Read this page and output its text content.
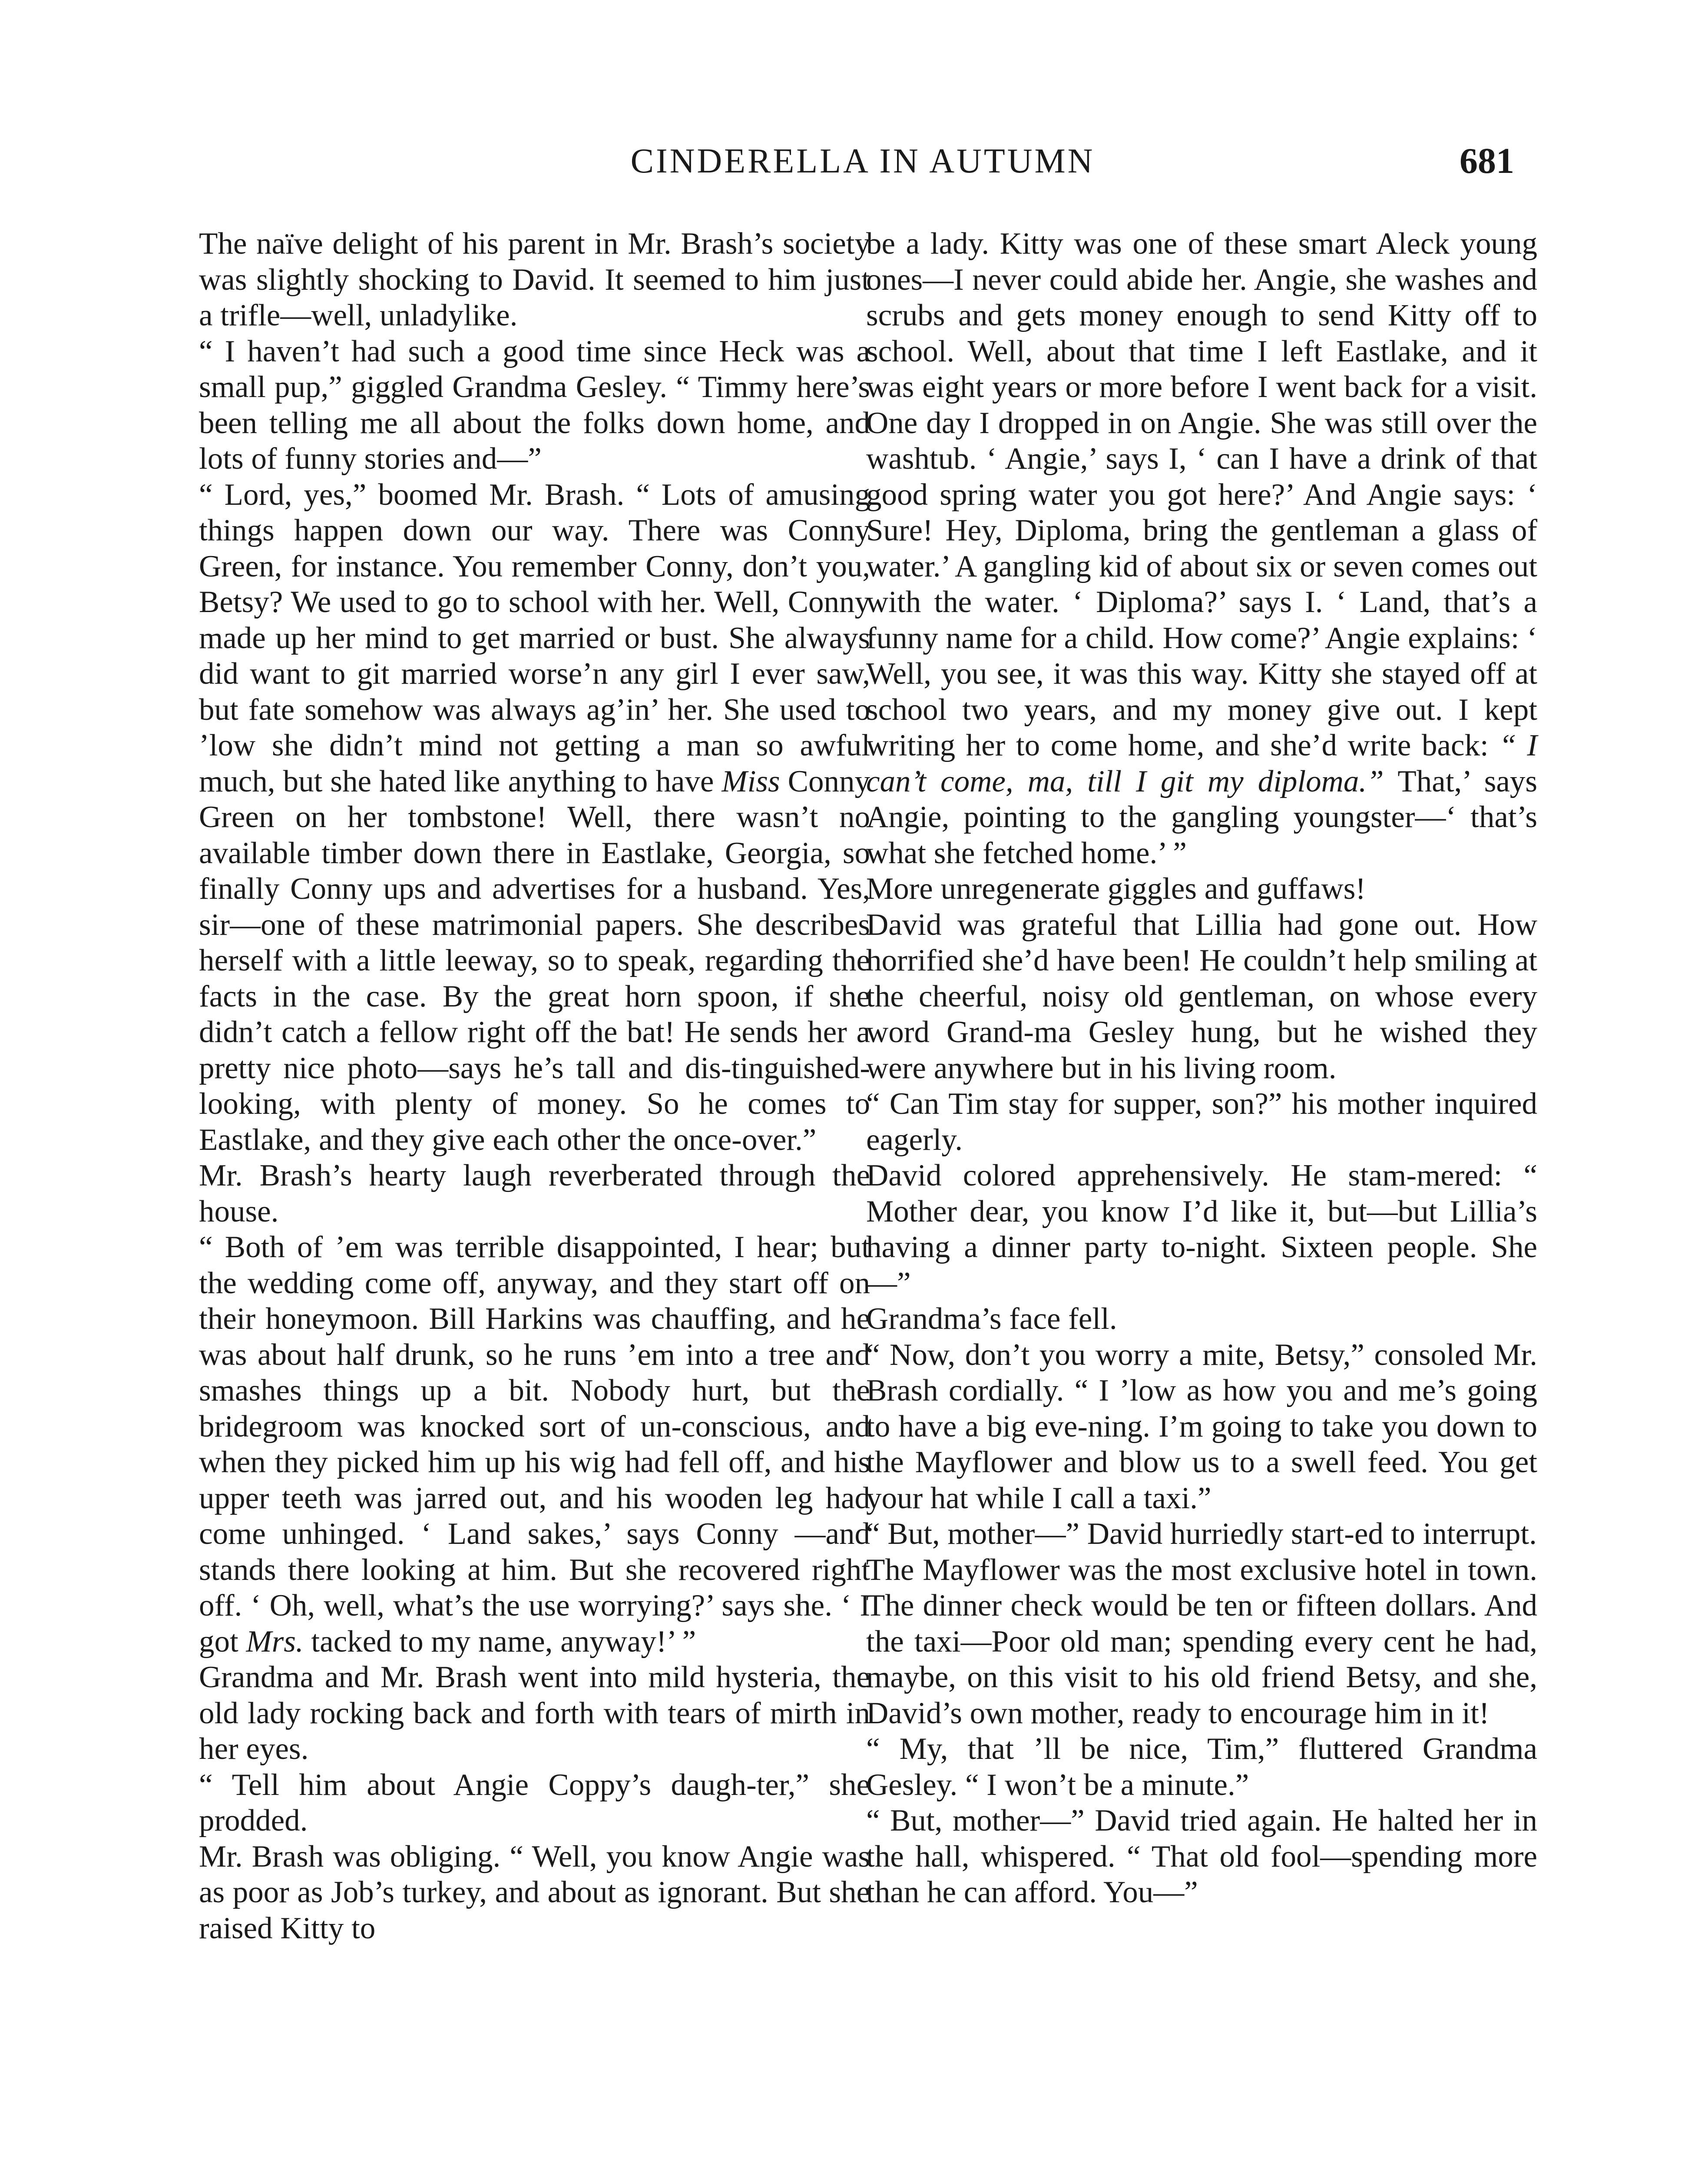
CINDERELLA IN AUTUMN	681

The naïve delight of his parent in Mr. Brash’s society was slightly shocking to David. It seemed to him just a trifle—well, unladylike.

“ I haven’t had such a good time since Heck was a small pup,” giggled Grandma Gesley. “ Timmy here’s been telling me all about the folks down home, and lots of funny stories and—”

“ Lord, yes,” boomed Mr. Brash. “ Lots of amusing things happen down our way. There was Conny Green, for instance. You remember Conny, don’t you, Betsy? We used to go to school with her. Well, Conny made up her mind to get married or bust. She always did want to git married worse’n any girl I ever saw, but fate somehow was always ag’in’ her. She used to ’low she didn’t mind not getting a man so awful much, but she hated like anything to have Miss Conny Green on her tombstone! Well, there wasn’t no available timber down there in Eastlake, Georgia, so finally Conny ups and advertises for a husband. Yes, sir—one of these matrimonial papers. She describes herself with a little leeway, so to speak, regarding the facts in the case. By the great horn spoon, if she didn’t catch a fellow right off the bat! He sends her a pretty nice photo—says he’s tall and dis-tinguished-looking, with plenty of money. So he comes to Eastlake, and they give each other the once-over.”

Mr. Brash’s hearty laugh reverberated through the house.

“ Both of ’em was terrible disappointed, I hear; but the wedding come off, anyway, and they start off on their honeymoon. Bill Harkins was chauffing, and he was about half drunk, so he runs ’em into a tree and smashes things up a bit. Nobody hurt, but the bridegroom was knocked sort of un-conscious, and when they picked him up his wig had fell off, and his upper teeth was jarred out, and his wooden leg had come unhinged. ‘ Land sakes,’ says Conny —and stands there looking at him. But she recovered right off. ‘ Oh, well, what’s the use worrying?’ says she. ‘ I got Mrs. tacked to my name, anyway!’ ”

Grandma and Mr. Brash went into mild hysteria, the old lady rocking back and forth with tears of mirth in her eyes.

“ Tell him about Angie Coppy’s daugh-ter,” she prodded.

Mr. Brash was obliging. “ Well, you know Angie was as poor as Job’s turkey, and about as ignorant. But she raised Kitty to

be a lady. Kitty was one of these smart Aleck young ones—I never could abide her. Angie, she washes and scrubs and gets money enough to send Kitty off to school. Well, about that time I left Eastlake, and it was eight years or more before I went back for a visit. One day I dropped in on Angie. She was still over the washtub. ‘ Angie,’ says I, ‘ can I have a drink of that good spring water you got here?’ And Angie says: ‘ Sure! Hey, Diploma, bring the gentleman a glass of water.’ A gangling kid of about six or seven comes out with the water. ‘ Diploma?’ says I. ‘ Land, that’s a funny name for a child. How come?’ Angie explains: ‘ Well, you see, it was this way. Kitty she stayed off at school two years, and my money give out. I kept writing her to come home, and she’d write back: “ I can’t come, ma, till I git my diploma.” That,’ says Angie, pointing to the gangling youngster—‘ that’s what she fetched home.’ ”

More unregenerate giggles and guffaws!

David was grateful that Lillia had gone out. How horrified she’d have been! He couldn’t help smiling at the cheerful, noisy old gentleman, on whose every word Grand-ma Gesley hung, but he wished they were anywhere but in his living room.

“ Can Tim stay for supper, son?” his mother inquired eagerly.

David colored apprehensively. He stam-mered: “ Mother dear, you know I’d like it, but—but Lillia’s having a dinner party to-night. Sixteen people. She—”

Grandma’s face fell.

“ Now, don’t you worry a mite, Betsy,” consoled Mr. Brash cordially. “ I ’low as how you and me’s going to have a big eve-ning. I’m going to take you down to the Mayflower and blow us to a swell feed. You get your hat while I call a taxi.”

“ But, mother—” David hurriedly start-ed to interrupt.

The Mayflower was the most exclusive hotel in town. The dinner check would be ten or fifteen dollars. And the taxi—Poor old man; spending every cent he had, maybe, on this visit to his old friend Betsy, and she, David’s own mother, ready to encourage him in it!

“ My, that ’ll be nice, Tim,” fluttered Grandma Gesley. “ I won’t be a minute.”

“ But, mother—” David tried again. He halted her in the hall, whispered. “ That old fool—spending more than he can afford. You—”
